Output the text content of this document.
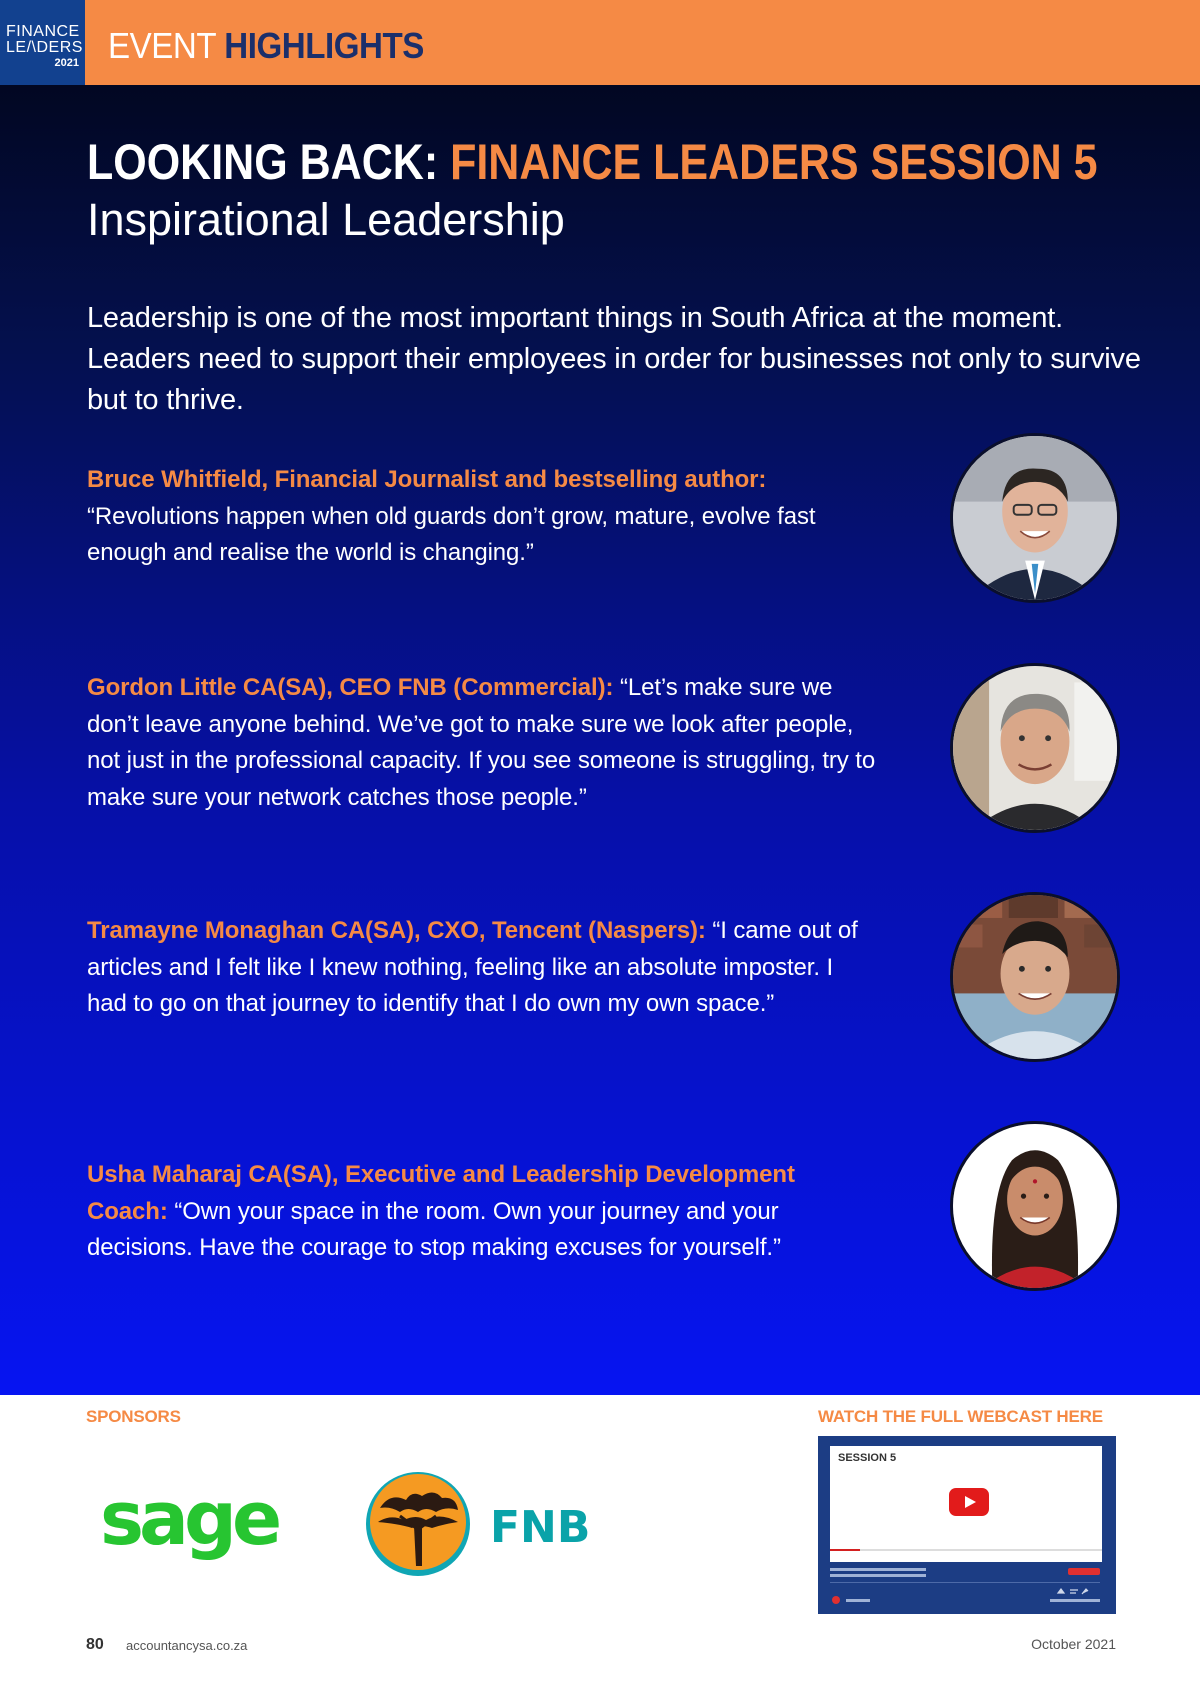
FINANCE
LE/\DERS
2021 EVENT HIGHLIGHTS
LOOKING BACK: FINANCE LEADERS SESSION 5
Inspirational Leadership

Leadership is one of the most important things in South Africa at the moment. Leaders need to support their employees in order for businesses not only to survive but to thrive.

Bruce Whitfield, Financial Journalist and bestselling author: “Revolutions happen when old guards don’t grow, mature, evolve fast enough and realise the world is changing.”

Gordon Little CA(SA), CEO FNB (Commercial): “Let’s make sure we don’t leave anyone behind. We’ve got to make sure we look after people, not just in the professional capacity. If you see someone is struggling, try to make sure your network catches those people.”

Tramayne Monaghan CA(SA), CXO, Tencent (Naspers): “I came out of articles and I felt like I knew nothing, feeling like an absolute imposter. I had to go on that journey to identify that I do own my own space.”

Usha Maharaj CA(SA), Executive and Leadership Development Coach: “Own your space in the room. Own your journey and your decisions. Have the courage to stop making excuses for yourself.”

SPONSORS
sage	FNB
WATCH THE FULL WEBCAST HERE
SESSION 5
80 accountancysa.co.za	October 2021
